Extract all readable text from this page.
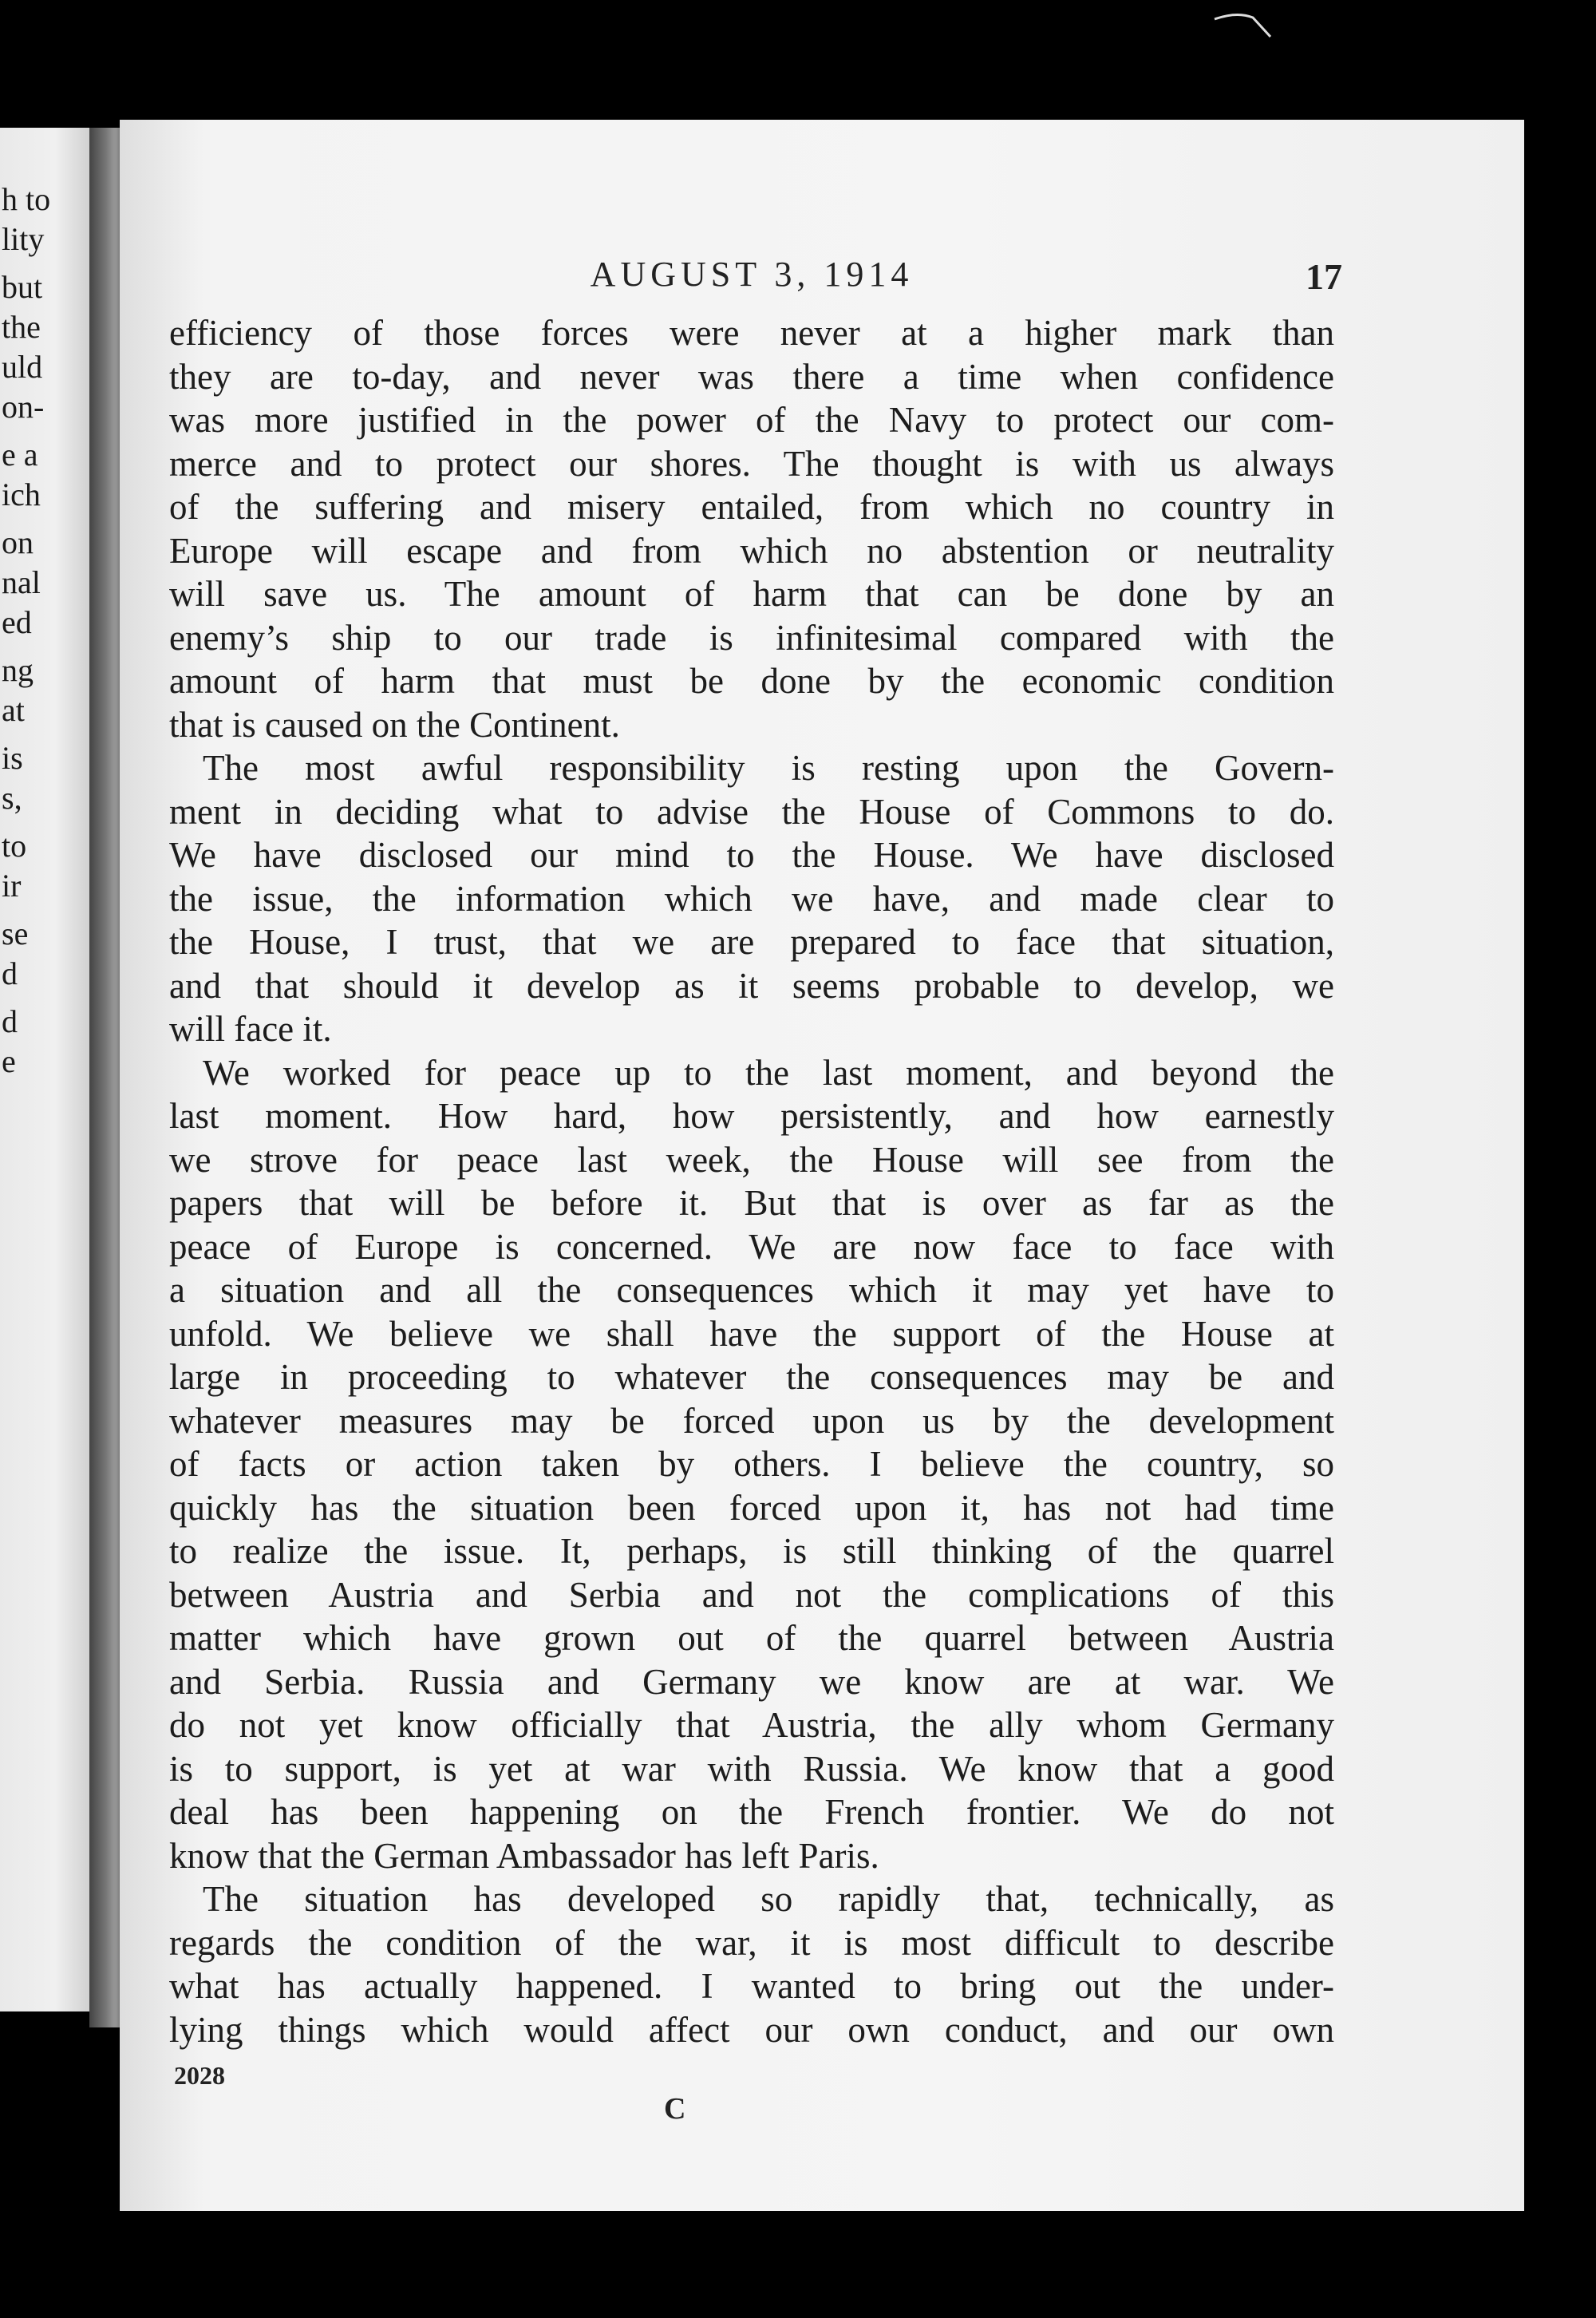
h to
lity
but
the
uld
on-
e a
ich
on
nal
ed
ng
at
is
s,
to
ir
se
d
d
e
AUGUST 3, 1914	17
efficiency of those forces were never at a higher mark than
they are to-day, and never was there a time when confidence
was more justified in the power of the Navy to protect our com-
merce and to protect our shores. The thought is with us always
of the suffering and misery entailed, from which no country in
Europe will escape and from which no abstention or neutrality
will save us. The amount of harm that can be done by an
enemy’s ship to our trade is infinitesimal compared with the
amount of harm that must be done by the economic condition
that is caused on the Continent.
The most awful responsibility is resting upon the Govern-
ment in deciding what to advise the House of Commons to do.
We have disclosed our mind to the House. We have disclosed
the issue, the information which we have, and made clear to
the House, I trust, that we are prepared to face that situation,
and that should it develop as it seems probable to develop, we
will face it.
We worked for peace up to the last moment, and beyond the
last moment. How hard, how persistently, and how earnestly
we strove for peace last week, the House will see from the
papers that will be before it. But that is over as far as the
peace of Europe is concerned. We are now face to face with
a situation and all the consequences which it may yet have to
unfold. We believe we shall have the support of the House at
large in proceeding to whatever the consequences may be and
whatever measures may be forced upon us by the development
of facts or action taken by others. I believe the country, so
quickly has the situation been forced upon it, has not had time
to realize the issue. It, perhaps, is still thinking of the quarrel
between Austria and Serbia and not the complications of this
matter which have grown out of the quarrel between Austria
and Serbia. Russia and Germany we know are at war. We
do not yet know officially that Austria, the ally whom Germany
is to support, is yet at war with Russia. We know that a good
deal has been happening on the French frontier. We do not
know that the German Ambassador has left Paris.
The situation has developed so rapidly that, technically, as
regards the condition of the war, it is most difficult to describe
what has actually happened. I wanted to bring out the under-
lying things which would affect our own conduct, and our own
2028
C
